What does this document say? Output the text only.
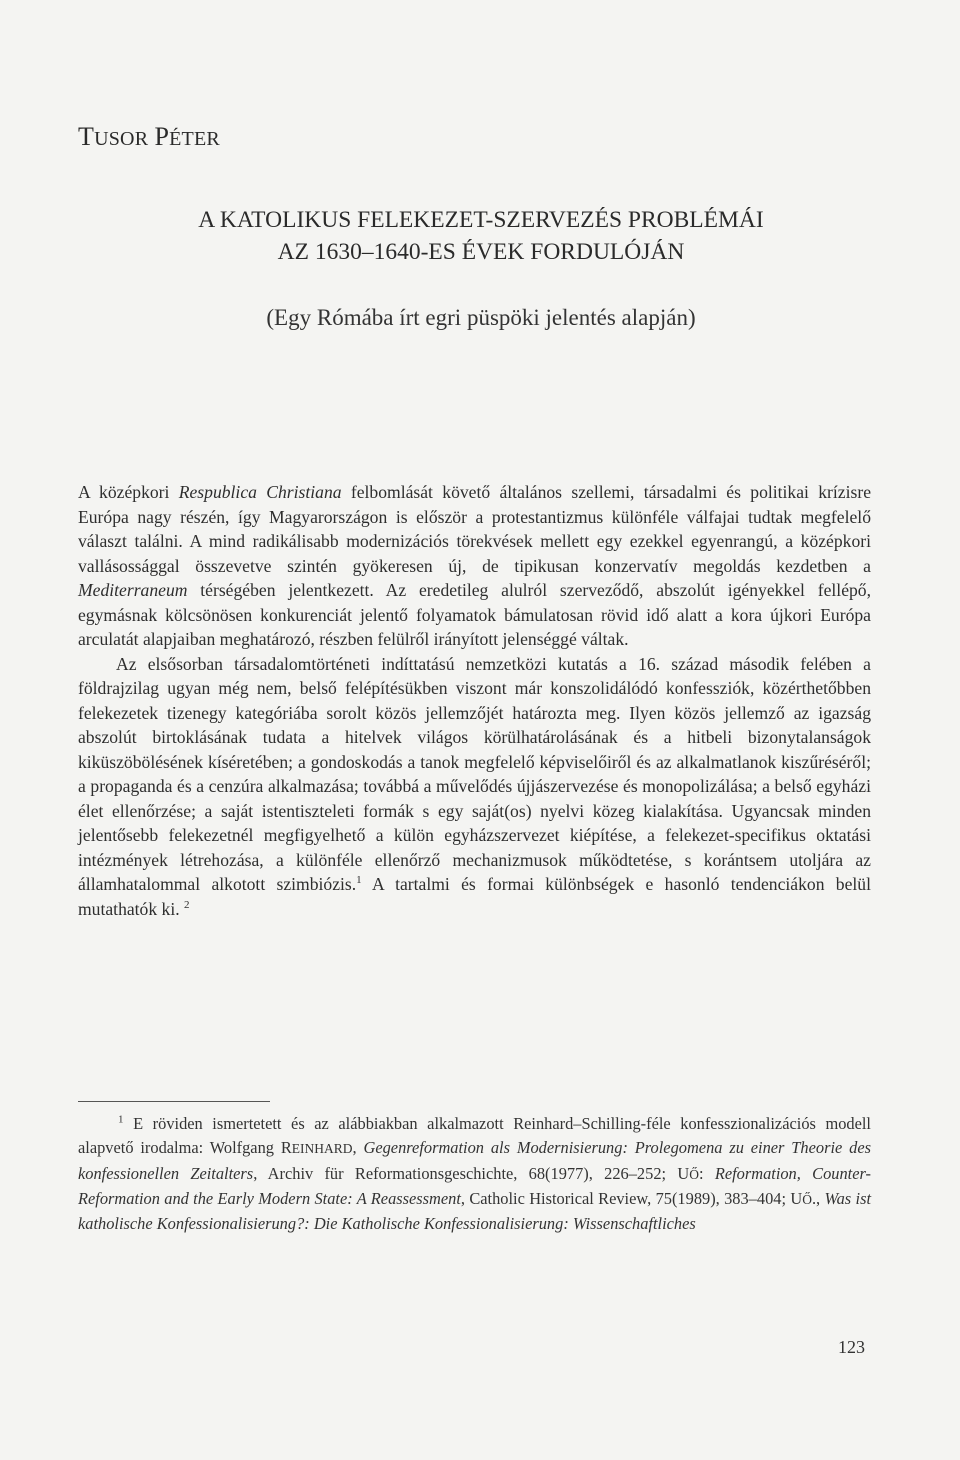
TUSOR PÉTER
A KATOLIKUS FELEKEZET-SZERVEZÉS PROBLÉMÁI
AZ 1630–1640-ES ÉVEK FORDULÓJÁN
(Egy Rómába írt egri püspöki jelentés alapján)

A középkori Respublica Christiana felbomlását követő általános szellemi, társadalmi és politikai krízisre Európa nagy részén, így Magyarországon is először a protestantizmus különféle válfajai tudtak megfelelő választ találni. A mind radikálisabb modernizációs törekvések mellett egy ezekkel egyenrangú, a középkori vallásossággal összevetve szintén gyökeresen új, de tipikusan konzervatív megoldás kezdetben a Mediterraneum térségében jelentkezett. Az eredetileg alulról szerveződő, abszolút igényekkel fellépő, egymásnak kölcsönösen konkurenciát jelentő folyamatok bámulatosan rövid idő alatt a kora újkori Európa arculatát alapjaiban meghatározó, részben felülről irányított jelenséggé váltak.

Az elsősorban társadalomtörténeti indíttatású nemzetközi kutatás a 16. század második felében a földrajzilag ugyan még nem, belső felépítésükben viszont már konszolidálódó konfessziók, közérthetőbben felekezetek tizenegy kategóriába sorolt közös jellemzőjét határozta meg. Ilyen közös jellemző az igazság abszolút birtoklásának tudata a hitelvek világos körülhatárolásának és a hitbeli bizonytalanságok kiküszöbölésének kíséretében; a gondoskodás a tanok megfelelő képviselőiről és az alkalmatlanok kiszűréséről; a propaganda és a cenzúra alkalmazása; továbbá a művelődés újjászervezése és monopolizálása; a belső egyházi élet ellenőrzése; a saját istentiszteleti formák s egy saját(os) nyelvi közeg kialakítása. Ugyancsak minden jelentősebb felekezetnél megfigyelhető a külön egyházszervezet kiépítése, a felekezet-specifikus oktatási intézmények létrehozása, a különféle ellenőrző mechanizmusok működtetése, s korántsem utoljára az államhatalommal alkotott szimbiózis.$^1$ A tartalmi és formai különbségek e hasonló tendenciákon belül mutathatók ki. $^2$

$^1$ E röviden ismertetett és az alábbiakban alkalmazott Reinhard–Schilling-féle konfesszionalizációs modell alapvető irodalma: Wolfgang REINHARD, Gegenreformation als Modernisierung: Prolegomena zu einer Theorie des konfessionellen Zeitalters, Archiv für Reformationsgeschichte, 68(1977), 226–252; UŐ: Reformation, Counter-Reformation and the Early Modern State: A Reassessment, Catholic Historical Review, 75(1989), 383–404; UŐ., Was ist katholische Konfessionalisierung?: Die Katholische Konfessionalisierung: Wissenschaftliches

123
